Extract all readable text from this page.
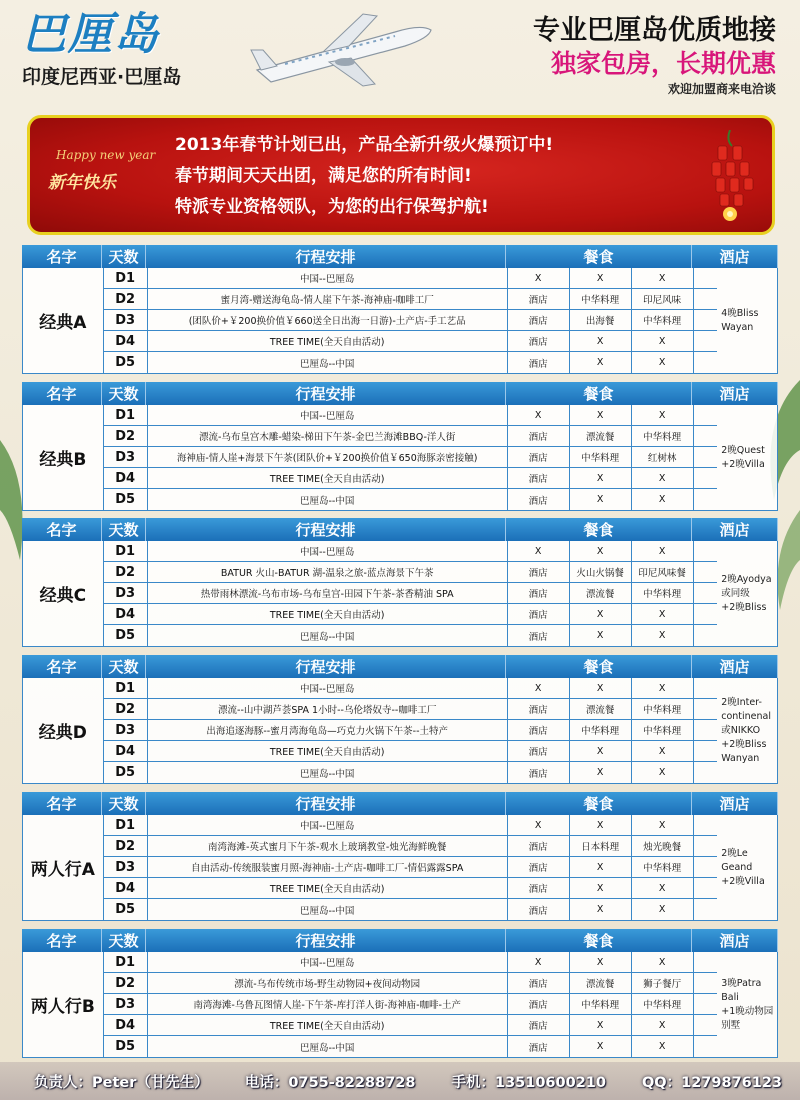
巴厘岛
印度尼西亚·巴厘岛
专业巴厘岛优质地接
独家包房，长期优惠
欢迎加盟商来电洽谈
Happy new year
新年快乐
2013年春节计划已出，产品全新升级火爆预订中!
春节期间天天出团，满足您的所有时间!
特派专业资格领队，为您的出行保驾护航!
名字	天数	行程安排	餐食	酒店
经典A
D1	中国--巴厘岛	X	X	X
D2	蜜月湾-赠送海龟岛-情人崖下午茶-海神庙-咖啡工厂	酒店	中华料理	印尼风味
D3	(团队价+￥200换价值￥660送全日出海一日游)-土产店-手工艺品	酒店	出海餐	中华料理
D4	TREE TIME(全天自由活动)	酒店	X	X
D5	巴厘岛--中国	酒店	X	X
4晚Bliss
Wayan
名字	天数	行程安排	餐食	酒店
经典B
D1	中国--巴厘岛	X	X	X
D2	漂流-乌布皇宫木雕-蜡染-梯田下午茶-金巴兰海滩BBQ-洋人街	酒店	漂流餐	中华料理
D3	海神庙-情人崖+海景下午茶(团队价+￥200换价值￥650海豚亲密接触)	酒店	中华料理	红树林
D4	TREE TIME(全天自由活动)	酒店	X	X
D5	巴厘岛--中国	酒店	X	X
2晚Quest
+2晚Villa
名字	天数	行程安排	餐食	酒店
经典C
D1	中国--巴厘岛	X	X	X
D2	BATUR 火山-BATUR 湖-温泉之旅-蓝点海景下午茶	酒店	火山火锅餐	印尼风味餐
D3	热带雨林漂流-乌布市场-乌布皇宫-田园下午茶-茶香精油 SPA	酒店	漂流餐	中华料理
D4	TREE TIME(全天自由活动)	酒店	X	X
D5	巴厘岛--中国	酒店	X	X
2晚Ayodya
或同级
+2晚Bliss
名字	天数	行程安排	餐食	酒店
经典D
D1	中国--巴厘岛	X	X	X
D2	漂流--山中湖芦荟SPA 1小时--乌伦塔奴寺--咖啡工厂	酒店	漂流餐	中华料理
D3	出海追逐海豚--蜜月湾海龟岛—巧克力火锅下午茶--土特产	酒店	中华料理	中华料理
D4	TREE TIME(全天自由活动)	酒店	X	X
D5	巴厘岛--中国	酒店	X	X
2晚Inter-
continenal
或NIKKO
+2晚Bliss
Wanyan
名字	天数	行程安排	餐食	酒店
两人行A
D1	中国--巴厘岛	X	X	X
D2	南湾海滩-英式蜜月下午茶-观水上玻璃教堂-烛光海鲜晚餐	酒店	日本料理	烛光晚餐
D3	自由活动-传统服装蜜月照-海神庙-土产店-咖啡工厂-情侣露露SPA	酒店	X	中华料理
D4	TREE TIME(全天自由活动)	酒店	X	X
D5	巴厘岛--中国	酒店	X	X
2晚Le Geand
+2晚Villa
名字	天数	行程安排	餐食	酒店
两人行B
D1	中国--巴厘岛	X	X	X
D2	漂流-乌布传统市场-野生动物园+夜间动物园	酒店	漂流餐	狮子餐厅
D3	南湾海滩-乌鲁瓦图情人崖-下午茶-库打洋人街-海神庙-咖啡-土产	酒店	中华料理	中华料理
D4	TREE TIME(全天自由活动)	酒店	X	X
D5	巴厘岛--中国	酒店	X	X
3晚Patra Bali
+1晚动物园
别墅
负责人：Peter（甘先生） 电话：0755-82288728 手机：13510600210 QQ：1279876123
